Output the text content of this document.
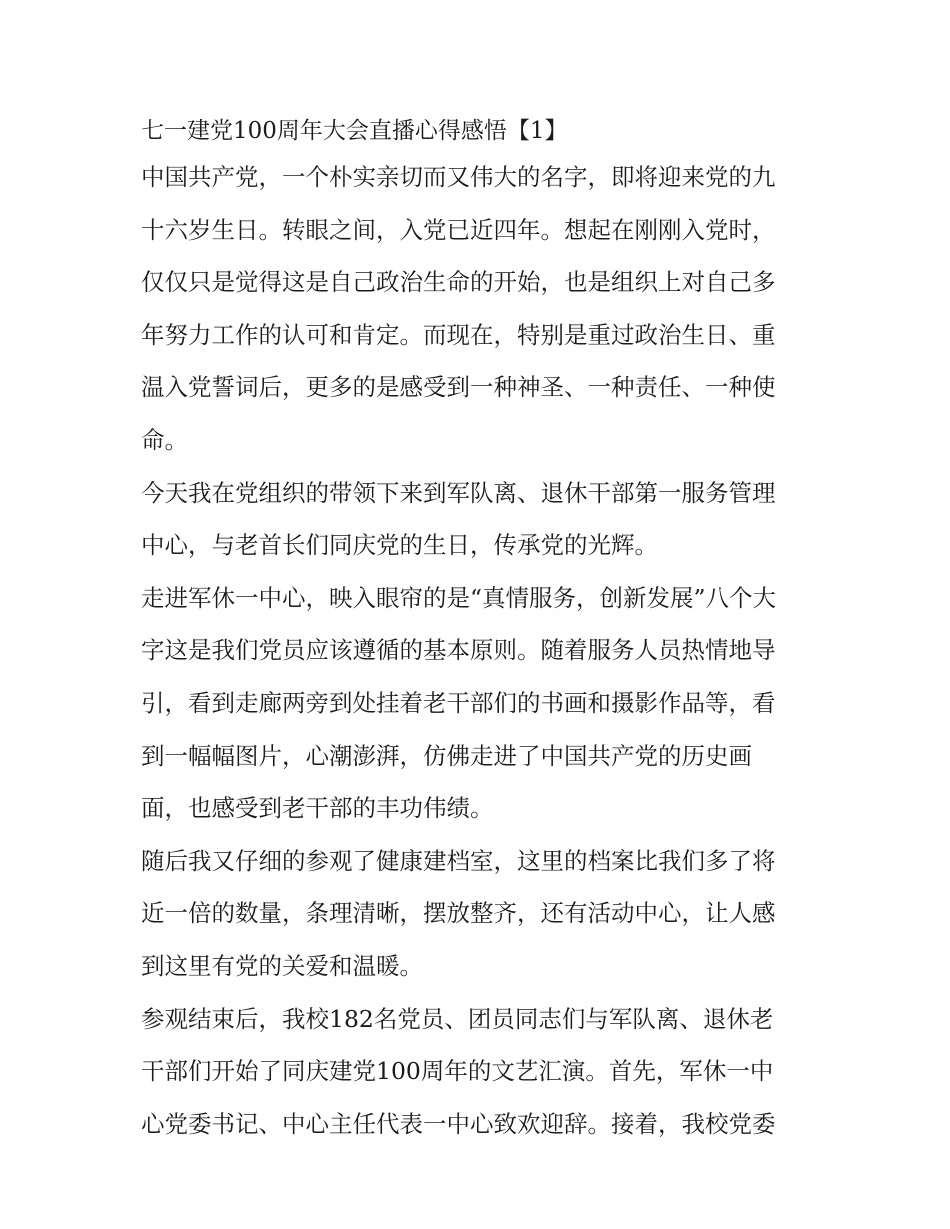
七一建党100周年大会直播心得感悟【1】

中国共产党，一个朴实亲切而又伟大的名字，即将迎来党的九

十六岁生日。转眼之间，入党已近四年。想起在刚刚入党时，

仅仅只是觉得这是自己政治生命的开始，也是组织上对自己多

年努力工作的认可和肯定。而现在，特别是重过政治生日、重

温入党誓词后，更多的是感受到一种神圣、一种责任、一种使

命。

今天我在党组织的带领下来到军队离、退休干部第一服务管理

中心，与老首长们同庆党的生日，传承党的光辉。

走进军休一中心，映入眼帘的是“真情服务，创新发展”八个大

字这是我们党员应该遵循的基本原则。随着服务人员热情地导

引，看到走廊两旁到处挂着老干部们的书画和摄影作品等，看

到一幅幅图片，心潮澎湃，仿佛走进了中国共产党的历史画

面，也感受到老干部的丰功伟绩。

随后我又仔细的参观了健康建档室，这里的档案比我们多了将

近一倍的数量，条理清晰，摆放整齐，还有活动中心，让人感

到这里有党的关爱和温暖。

参观结束后，我校182名党员、团员同志们与军队离、退休老

干部们开始了同庆建党100周年的文艺汇演。首先，军休一中

心党委书记、中心主任代表一中心致欢迎辞。接着，我校党委
